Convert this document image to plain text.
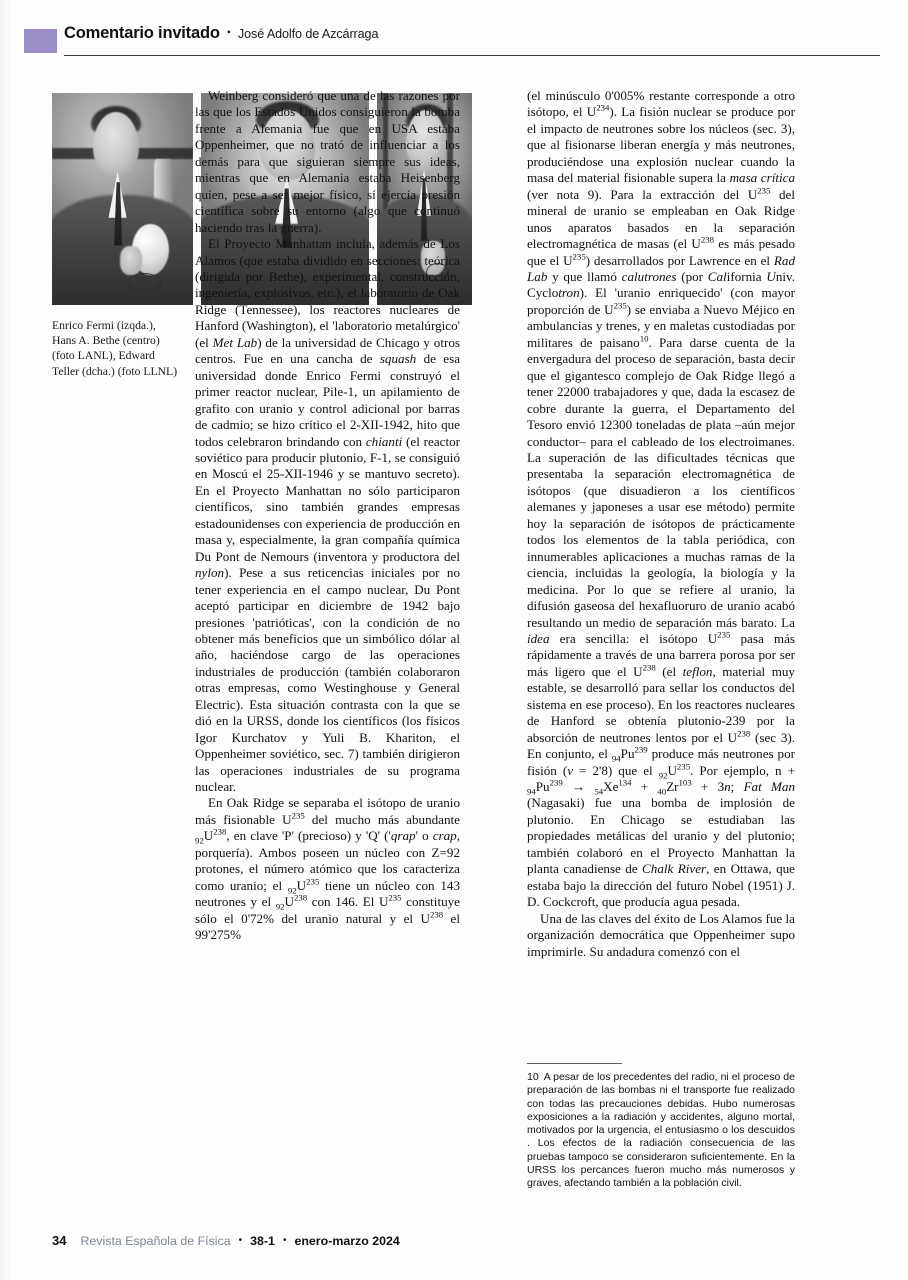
Comentario invitado • José Adolfo de Azcárraga
Enrico Fermi (izqda.), Hans A. Bethe (centro) (foto LANL), Edward Teller (dcha.) (foto LLNL)

Weinberg consideró que una de las razones por las que los Estados Unidos consiguieron la bomba frente a Alemania fue que en USA estaba Oppenheimer, que no trató de influenciar a los demás para que siguieran siempre sus ideas, mientras que en Alemania estaba Heisenberg quien, pese a ser mejor físico, sí ejercía presión científica sobre su entorno (algo que continuó haciendo tras la guerra).

El Proyecto Manhattan incluía, además de Los Alamos (que estaba dividido en secciones: teórica (dirigida por Bethe), experimental, construcción, ingeniería, explosivos, etc.), el laboratorio de Oak Ridge (Tennessee), los reactores nucleares de Hanford (Washington), el 'laboratorio metalúrgico' (el Met Lab) de la universidad de Chicago y otros centros. Fue en una cancha de squash de esa universidad donde Enrico Fermi construyó el primer reactor nuclear, Pile-1, un apilamiento de grafito con uranio y control adicional por barras de cadmio; se hizo crítico el 2-XII-1942, hito que todos celebraron brindando con chianti (el reactor soviético para producir plutonio, F-1, se consiguió en Moscú el 25-XII-1946 y se mantuvo secreto). En el Proyecto Manhattan no sólo participaron científicos, sino también grandes empresas estadounidenses con experiencia de producción en masa y, especialmente, la gran compañía química Du Pont de Nemours (inventora y productora del nylon). Pese a sus reticencias iniciales por no tener experiencia en el campo nuclear, Du Pont aceptó participar en diciembre de 1942 bajo presiones 'patrióticas', con la condición de no obtener más beneficios que un simbólico dólar al año, haciéndose cargo de las operaciones industriales de producción (también colaboraron otras empresas, como Westinghouse y General Electric). Esta situación contrasta con la que se dió en la URSS, donde los científicos (los físicos Igor Kurchatov y Yuli B. Khariton, el Oppenheimer soviético, sec. 7) también dirigieron las operaciones industriales de su programa nuclear.

En Oak Ridge se separaba el isótopo de uranio más fisionable $U^{235}$ del mucho más abundante $_{92}U^{238}$, en clave 'P' (precioso) y 'Q' ('qrap' o crap, porquería). Ambos poseen un núcleo con Z=92 protones, el número atómico que los caracteriza como uranio; el $_{92}U^{235}$ tiene un núcleo con 143 neutrones y el $_{92}U^{238}$ con 146. El $U^{235}$ constituye sólo el 0'72% del uranio natural y el $U^{238}$ el 99'275%

(el minúsculo 0'005% restante corresponde a otro isótopo, el $U^{234}$). La fisión nuclear se produce por el impacto de neutrones sobre los núcleos (sec. 3), que al fisionarse liberan energía y más neutrones, produciéndose una explosión nuclear cuando la masa del material fisionable supera la masa crítica (ver nota 9). Para la extracción del $U^{235}$ del mineral de uranio se empleaban en Oak Ridge unos aparatos basados en la separación electromagnética de masas (el $U^{238}$ es más pesado que el $U^{235}$) desarrollados por Lawrence en el Rad Lab y que llamó calutrones (por California Univ. Cyclotron). El 'uranio enriquecido' (con mayor proporción de $U^{235}$) se enviaba a Nuevo Méjico en ambulancias y trenes, y en maletas custodiadas por militares de paisano$^{10}$. Para darse cuenta de la envergadura del proceso de separación, basta decir que el gigantesco complejo de Oak Ridge llegó a tener 22000 trabajadores y que, dada la escasez de cobre durante la guerra, el Departamento del Tesoro envió 12300 toneladas de plata –aún mejor conductor– para el cableado de los electroimanes. La superación de las dificultades técnicas que presentaba la separación electromagnética de isótopos (que disuadieron a los científicos alemanes y japoneses a usar ese método) permite hoy la separación de isótopos de prácticamente todos los elementos de la tabla periódica, con innumerables aplicaciones a muchas ramas de la ciencia, incluidas la geología, la biología y la medicina. Por lo que se refiere al uranio, la difusión gaseosa del hexafluoruro de uranio acabó resultando un medio de separación más barato. La idea era sencilla: el isótopo $U^{235}$ pasa más rápidamente a través de una barrera porosa por ser más ligero que el $U^{238}$ (el teflon, material muy estable, se desarrolló para sellar los conductos del sistema en ese proceso). En los reactores nucleares de Hanford se obtenía plutonio-239 por la absorción de neutrones lentos por el $U^{238}$ (sec 3). En conjunto, el $_{94}Pu^{239}$ produce más neutrones por fisión (ν = 2'8) que el $_{92}U^{235}$. Por ejemplo, $n + _{94}Pu^{239} \to _{54}Xe^{134} + _{40}Zr^{103} + 3n$; Fat Man (Nagasaki) fue una bomba de implosión de plutonio. En Chicago se estudiaban las propiedades metálicas del uranio y del plutonio; también colaboró en el Proyecto Manhattan la planta canadiense de Chalk River, en Ottawa, que estaba bajo la dirección del futuro Nobel (1951) J. D. Cockcroft, que producía agua pesada.

Una de las claves del éxito de Los Alamos fue la organización democrática que Oppenheimer supo imprimirle. Su andadura comenzó con el

10 A pesar de los precedentes del radio, ni el proceso de preparación de las bombas ni el transporte fue realizado con todas las precauciones debidas. Hubo numerosas exposiciones a la radiación y accidentes, alguno mortal, motivados por la urgencia, el entusiasmo o los descuidos . Los efectos de la radiación consecuencia de las pruebas tampoco se consideraron suficientemente. En la URSS los percances fueron mucho más numerosos y graves, afectando también a la población civil.
34 Revista Española de Física • 38-1 • enero-marzo 2024
